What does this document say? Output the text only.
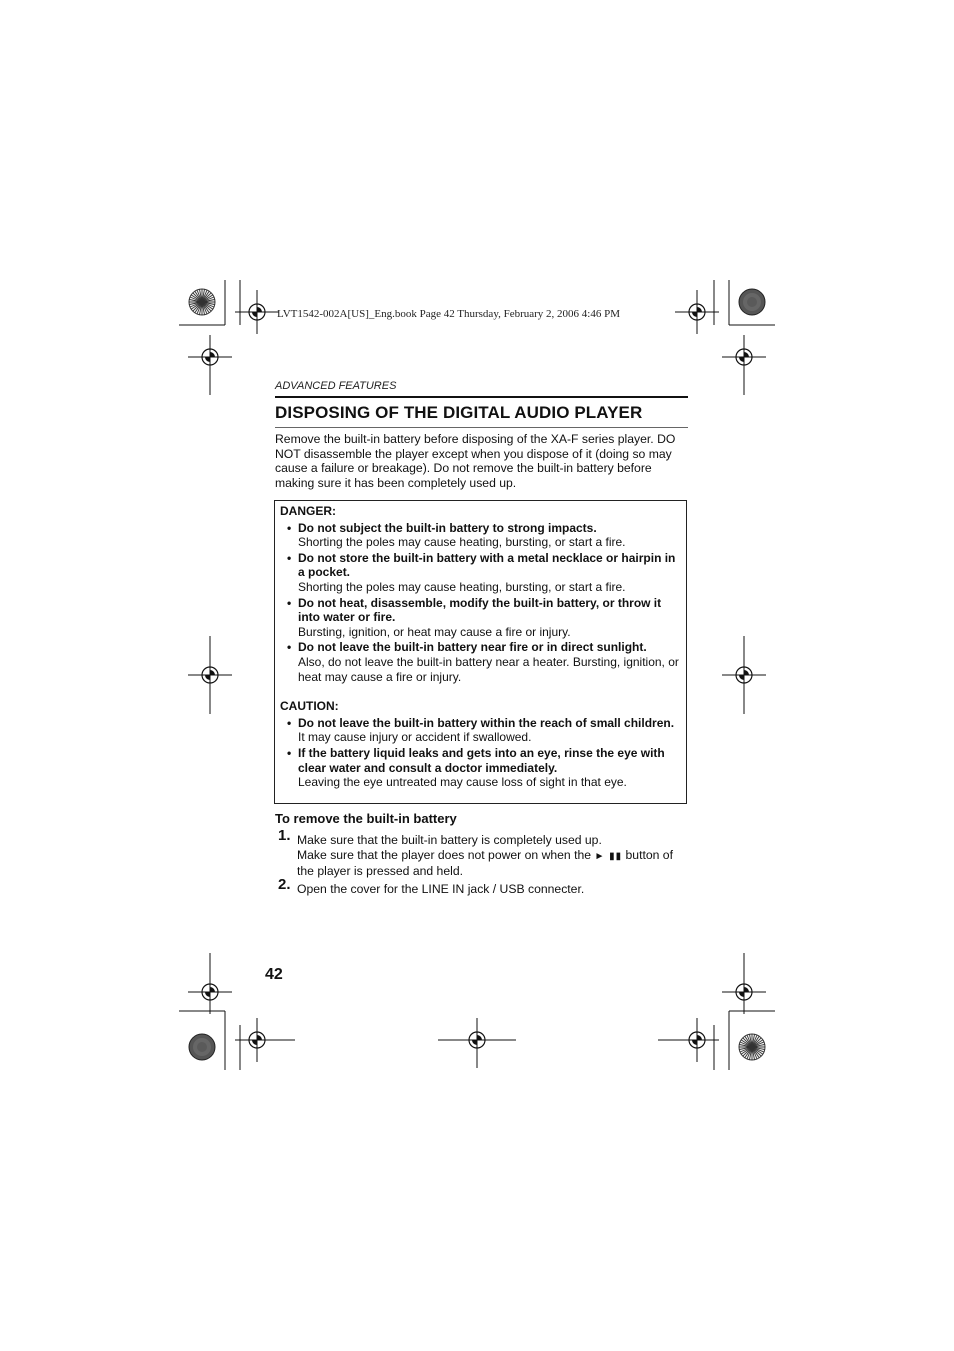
LVT1542-002A[US]_Eng.book Page 42 Thursday, February 2, 2006 4:46 PM
ADVANCED FEATURES
DISPOSING OF THE DIGITAL AUDIO PLAYER
Remove the built-in battery before disposing of the XA-F series player. DO NOT disassemble the player except when you dispose of it (doing so may cause a failure or breakage). Do not remove the built-in battery before making sure it has been completely used up.
DANGER:
• Do not subject the built-in battery to strong impacts.
Shorting the poles may cause heating, bursting, or start a fire.
• Do not store the built-in battery with a metal necklace or hairpin in a pocket.
Shorting the poles may cause heating, bursting, or start a fire.
• Do not heat, disassemble, modify the built-in battery, or throw it into water or fire.
Bursting, ignition, or heat may cause a fire or injury.
• Do not leave the built-in battery near fire or in direct sunlight.
Also, do not leave the built-in battery near a heater. Bursting, ignition, or heat may cause a fire or injury.
CAUTION:
• Do not leave the built-in battery within the reach of small children.
It may cause injury or accident if swallowed.
• If the battery liquid leaks and gets into an eye, rinse the eye with clear water and consult a doctor immediately.
Leaving the eye untreated may cause loss of sight in that eye.
To remove the built-in battery
1. Make sure that the built-in battery is completely used up.
Make sure that the player does not power on when the ► ▮▮ button of the player is pressed and held.
2. Open the cover for the LINE IN jack / USB connecter.
42
